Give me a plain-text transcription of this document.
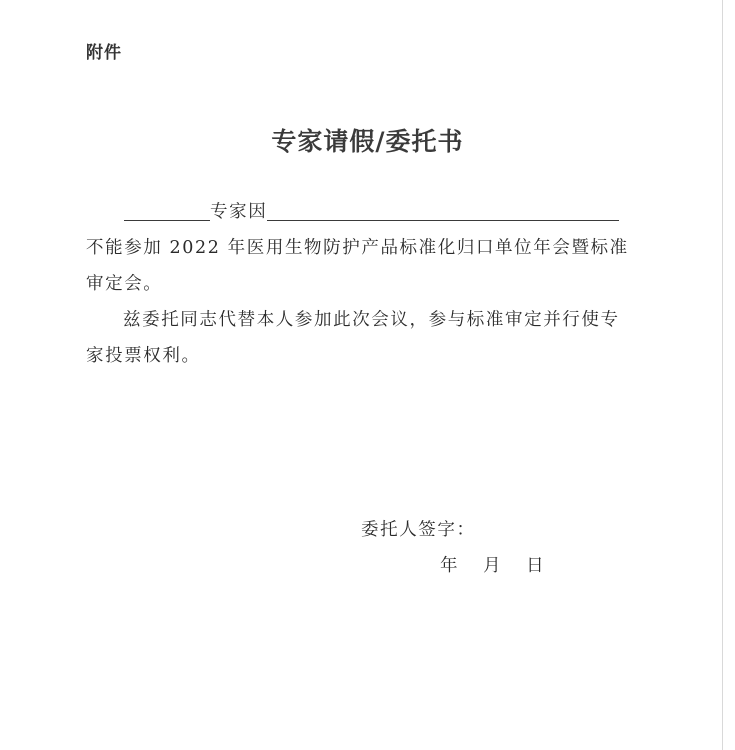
附件
专家请假/委托书
专家因
不能参加 2022 年医用生物防护产品标准化归口单位年会暨标准
审定会。
兹委托同志代替本人参加此次会议，参与标准审定并行使专
家投票权利。
委托人签字：
年 月 日
